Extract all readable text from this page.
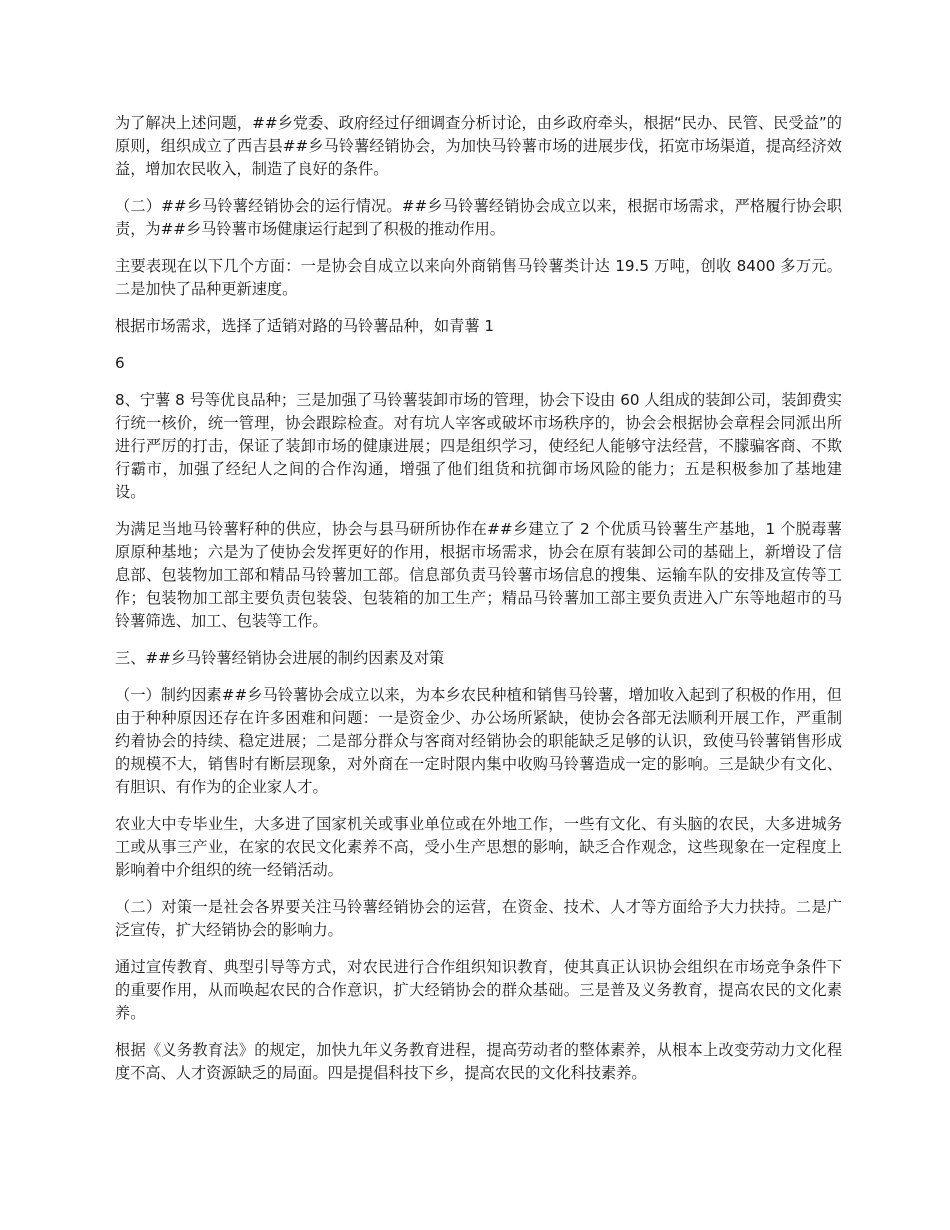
为了解决上述问题，##乡党委、政府经过仔细调查分析讨论，由乡政府牵头，根据“民办、民管、民受益”的原则，组织成立了西吉县##乡马铃薯经销协会，为加快马铃薯市场的进展步伐，拓宽市场渠道，提高经济效益，增加农民收入，制造了良好的条件。

（二）##乡马铃薯经销协会的运行情况。##乡马铃薯经销协会成立以来，根据市场需求，严格履行协会职责，为##乡马铃薯市场健康运行起到了积极的推动作用。

主要表现在以下几个方面：一是协会自成立以来向外商销售马铃薯类计达 19.5 万吨，创收 8400 多万元。二是加快了品种更新速度。

根据市场需求，选择了适销对路的马铃薯品种，如青薯 1

6

8、宁薯 8 号等优良品种；三是加强了马铃薯装卸市场的管理，协会下设由 60 人组成的装卸公司，装卸费实行统一核价，统一管理，协会跟踪检查。对有坑人宰客或破坏市场秩序的，协会会根据协会章程会同派出所进行严厉的打击，保证了装卸市场的健康进展；四是组织学习，使经纪人能够守法经营，不朦骗客商、不欺行霸市，加强了经纪人之间的合作沟通，增强了他们组货和抗御市场风险的能力；五是积极参加了基地建设。

为满足当地马铃薯籽种的供应，协会与县马研所协作在##乡建立了 2 个优质马铃薯生产基地，1 个脱毒薯原原种基地；六是为了使协会发挥更好的作用，根据市场需求，协会在原有装卸公司的基础上，新增设了信息部、包装物加工部和精品马铃薯加工部。信息部负责马铃薯市场信息的搜集、运输车队的安排及宣传等工作；包装物加工部主要负责包装袋、包装箱的加工生产；精品马铃薯加工部主要负责进入广东等地超市的马铃薯筛选、加工、包装等工作。

三、##乡马铃薯经销协会进展的制约因素及对策

（一）制约因素##乡马铃薯协会成立以来，为本乡农民种植和销售马铃薯，增加收入起到了积极的作用，但由于种种原因还存在许多困难和问题：一是资金少、办公场所紧缺，使协会各部无法顺利开展工作，严重制约着协会的持续、稳定进展；二是部分群众与客商对经销协会的职能缺乏足够的认识，致使马铃薯销售形成的规模不大，销售时有断层现象，对外商在一定时限内集中收购马铃薯造成一定的影响。三是缺少有文化、有胆识、有作为的企业家人才。

农业大中专毕业生，大多进了国家机关或事业单位或在外地工作，一些有文化、有头脑的农民，大多进城务工或从事三产业，在家的农民文化素养不高，受小生产思想的影响，缺乏合作观念，这些现象在一定程度上影响着中介组织的统一经销活动。

（二）对策一是社会各界要关注马铃薯经销协会的运营，在资金、技术、人才等方面给予大力扶持。二是广泛宣传，扩大经销协会的影响力。

通过宣传教育、典型引导等方式，对农民进行合作组织知识教育，使其真正认识协会组织在市场竞争条件下的重要作用，从而唤起农民的合作意识，扩大经销协会的群众基础。三是普及义务教育，提高农民的文化素养。

根据《义务教育法》的规定，加快九年义务教育进程，提高劳动者的整体素养，从根本上改变劳动力文化程度不高、人才资源缺乏的局面。四是提倡科技下乡，提高农民的文化科技素养。
